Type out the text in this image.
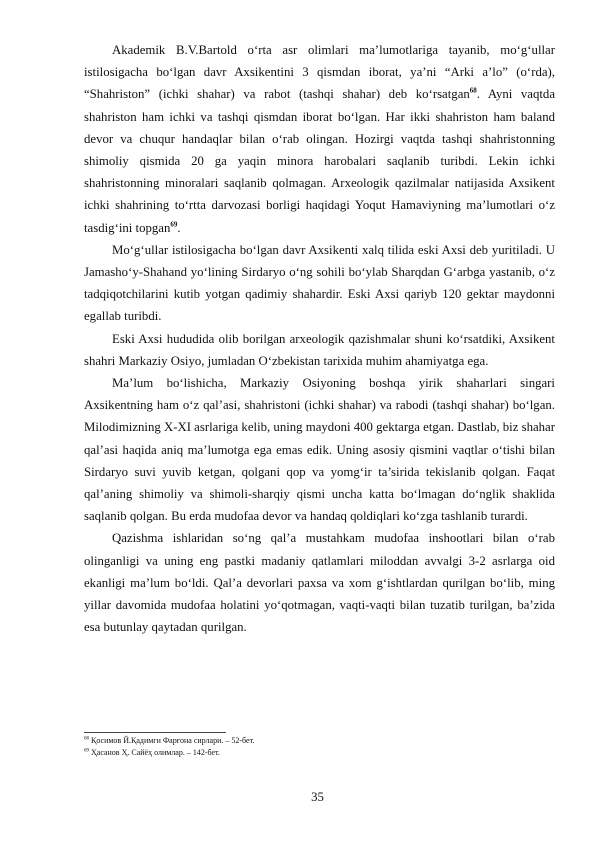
Akademik B.V.Bartold o‘rta asr olimlari ma’lumotlariga tayanib, mo‘g‘ullar istilosigacha bo‘lgan davr Axsikentini 3 qismdan iborat, ya’ni “Arki a’lo” (o‘rda), “Shahriston” (ichki shahar) va rabot (tashqi shahar) deb ko‘rsatgan$^{68}$. Ayni vaqtda shahriston ham ichki va tashqi qismdan iborat bo‘lgan. Har ikki shahriston ham baland devor va chuqur handaqlar bilan o‘rab olingan. Hozirgi vaqtda tashqi shahristonning shimoliy qismida 20 ga yaqin minora harobalari saqlanib turibdi. Lekin ichki shahristonning minoralari saqlanib qolmagan. Arxeologik qazilmalar natijasida Axsikent ichki shahrining to‘rtta darvozasi borligi haqidagi Yoqut Hamaviyning ma’lumotlari o‘z tasdig‘ini topgan$^{69}$.

Mo‘g‘ullar istilosigacha bo‘lgan davr Axsikenti xalq tilida eski Axsi deb yuritiladi. U Jamasho‘y-Shahand yo‘lining Sirdaryo o‘ng sohili bo‘ylab Sharqdan G‘arbga yastanib, o‘z tadqiqotchilarini kutib yotgan qadimiy shahardir. Eski Axsi qariyb 120 gektar maydonni egallab turibdi.

Eski Axsi hududida olib borilgan arxeologik qazishmalar shuni ko‘rsatdiki, Axsikent shahri Markaziy Osiyo, jumladan O‘zbekistan tarixida muhim ahamiyatga ega.

Ma’lum bo‘lishicha, Markaziy Osiyoning boshqa yirik shaharlari singari Axsikentning ham o‘z qal’asi, shahristoni (ichki shahar) va rabodi (tashqi shahar) bo‘lgan. Milodimizning X-XI asrlariga kelib, uning maydoni 400 gektarga etgan. Dastlab, biz shahar qal’asi haqida aniq ma’lumotga ega emas edik. Uning asosiy qismini vaqtlar o‘tishi bilan Sirdaryo suvi yuvib ketgan, qolgani qop va yomg‘ir ta’sirida tekislanib qolgan. Faqat qal’aning shimoliy va shimoli-sharqiy qismi uncha katta bo‘lmagan do‘nglik shaklida saqlanib qolgan. Bu erda mudofaa devor va handaq qoldiqlari ko‘zga tashlanib turardi.

Qazishma ishlaridan so‘ng qal’a mustahkam mudofaa inshootlari bilan o‘rab olinganligi va uning eng pastki madaniy qatlamlari miloddan avvalgi 3-2 asrlarga oid ekanligi ma’lum bo‘ldi. Qal’a devorlari paxsa va xom g‘ishtlardan qurilgan bo‘lib, ming yillar davomida mudofaa holatini yo‘qotmagan, vaqti-vaqti bilan tuzatib turilgan, ba’zida esa butunlay qaytadan qurilgan.

$^{68}$ Қосимов Й.Қадимги Фарғона сирлари. – 52-бет.
$^{69}$ Ҳасанов Ҳ. Сайёҳ олимлар. – 142-бет.
35
